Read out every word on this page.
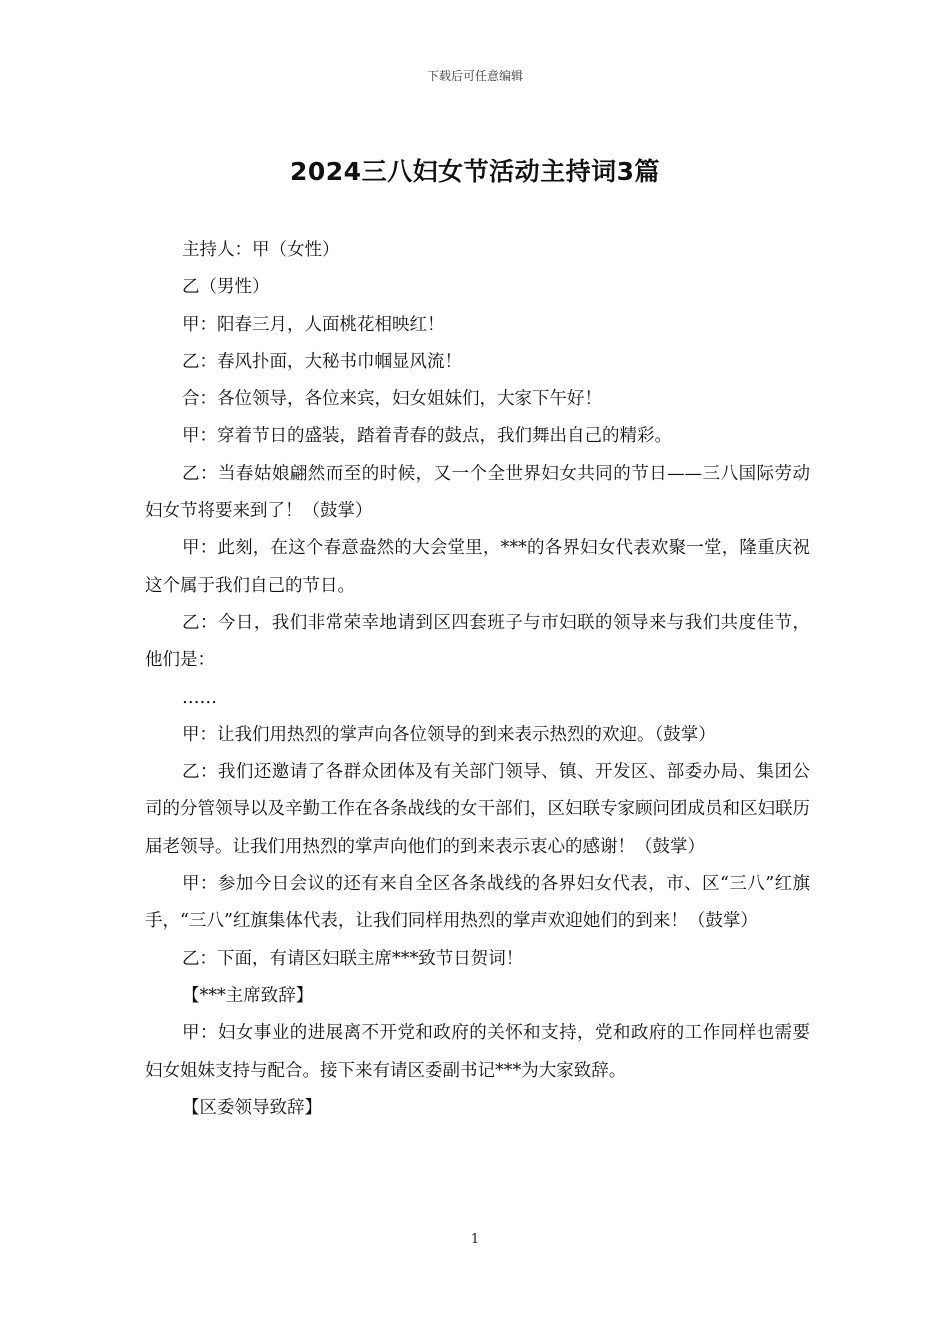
下载后可任意编辑
2024三八妇女节活动主持词3篇

主持人：甲（女性）

乙（男性）

甲：阳春三月，人面桃花相映红！

乙：春风扑面，大秘书巾帼显风流！

合：各位领导，各位来宾，妇女姐妹们，大家下午好！

甲：穿着节日的盛装，踏着青春的鼓点，我们舞出自己的精彩。

乙：当春姑娘翩然而至的时候，又一个全世界妇女共同的节日——三八国际劳动妇女节将要来到了！（鼓掌）

甲：此刻，在这个春意盎然的大会堂里，***的各界妇女代表欢聚一堂，隆重庆祝这个属于我们自己的节日。

乙：今日，我们非常荣幸地请到区四套班子与市妇联的领导来与我们共度佳节，他们是：

……

甲：让我们用热烈的掌声向各位领导的到来表示热烈的欢迎。（鼓掌）

乙：我们还邀请了各群众团体及有关部门领导、镇、开发区、部委办局、集团公司的分管领导以及辛勤工作在各条战线的女干部们，区妇联专家顾问团成员和区妇联历届老领导。让我们用热烈的掌声向他们的到来表示衷心的感谢！（鼓掌）

甲：参加今日会议的还有来自全区各条战线的各界妇女代表，市、区“三八”红旗手，“三八”红旗集体代表，让我们同样用热烈的掌声欢迎她们的到来！（鼓掌）

乙：下面，有请区妇联主席***致节日贺词！

【***主席致辞】

甲：妇女事业的进展离不开党和政府的关怀和支持，党和政府的工作同样也需要妇女姐妹支持与配合。接下来有请区委副书记***为大家致辞。

【区委领导致辞】

1
